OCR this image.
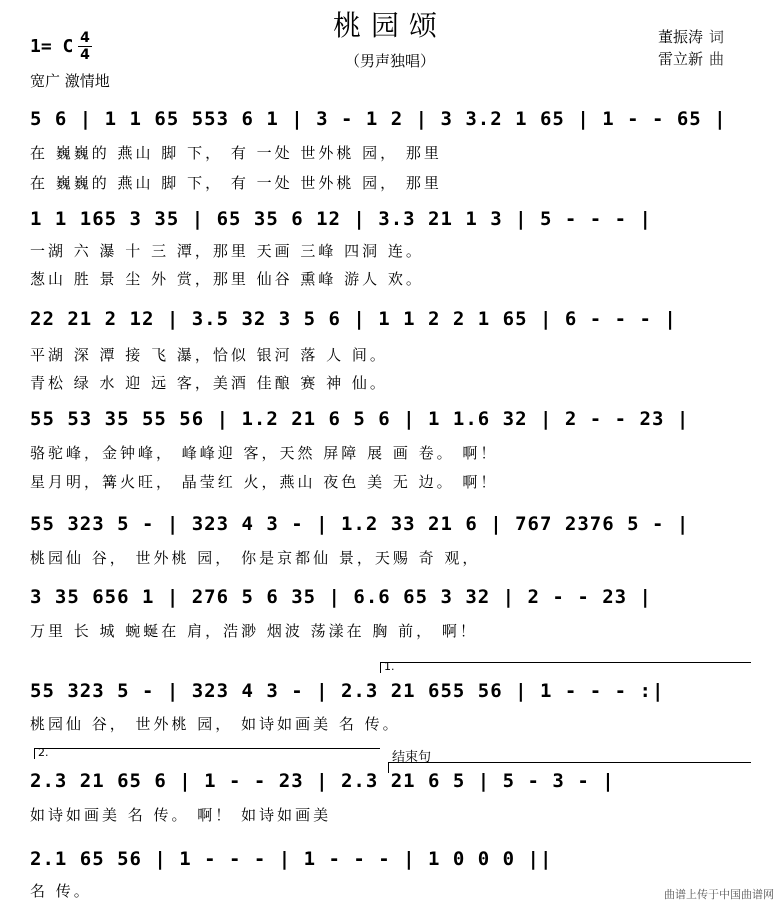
桃园颂
（男声独唱）
1= C 4
4
宽广 激情地
董振涛 词
雷立新 曲
5 6 | 1 1 65 553 6 1 | 3 - 1 2 | 3 3.2 1 65 | 1 - - 65 |
在 巍巍的 燕山 脚 下， 有 一处 世外桃 园， 那里
在 巍巍的 燕山 脚 下， 有 一处 世外桃 园， 那里
1 1 165 3 35 | 65 35 6 12 | 3.3 21 1 3 | 5 - - - |
一湖 六 瀑 十 三 潭，那里 天画 三峰 四洞 连。
葱山 胜 景 尘 外 赏，那里 仙谷 熏峰 游人 欢。
22 21 2 12 | 3.5 32 3 5 6 | 1 1 2 2 1 65 | 6 - - - |
平湖 深 潭 接 飞 瀑，恰似 银河 落 人 间。
青松 绿 水 迎 远 客，美酒 佳酿 赛 神 仙。
55 53 35 55 56 | 1.2 21 6 5 6 | 1 1.6 32 | 2 - - 23 |
骆驼峰，金钟峰， 峰峰迎 客，天然 屏障 展 画 卷。 啊！
星月明，篝火旺， 晶莹红 火，燕山 夜色 美 无 边。 啊！
55 323 5 - | 323 4 3 - | 1.2 33 21 6 | 767 2376 5 - |
桃园仙 谷， 世外桃 园， 你是京都仙 景，天赐 奇 观，
3 35 656 1 | 276 5 6 35 | 6.6 65 3 32 | 2 - - 23 |
万里 长 城 蜿蜒在 肩，浩渺 烟波 荡漾在 胸 前， 啊！
1.
55 323 5 - | 323 4 3 - | 2.3 21 655 56 | 1 - - - :|
桃园仙 谷， 世外桃 园， 如诗如画美 名 传。
2.	结束句
2.3 21 65 6 | 1 - - 23 | 2.3 21 6 5 | 5 - 3 - |
如诗如画美 名 传。 啊！ 如诗如画美
2.1 65 56 | 1 - - - | 1 - - - | 1 0 0 0 ||
名 传。	曲谱上传于中国曲谱网
